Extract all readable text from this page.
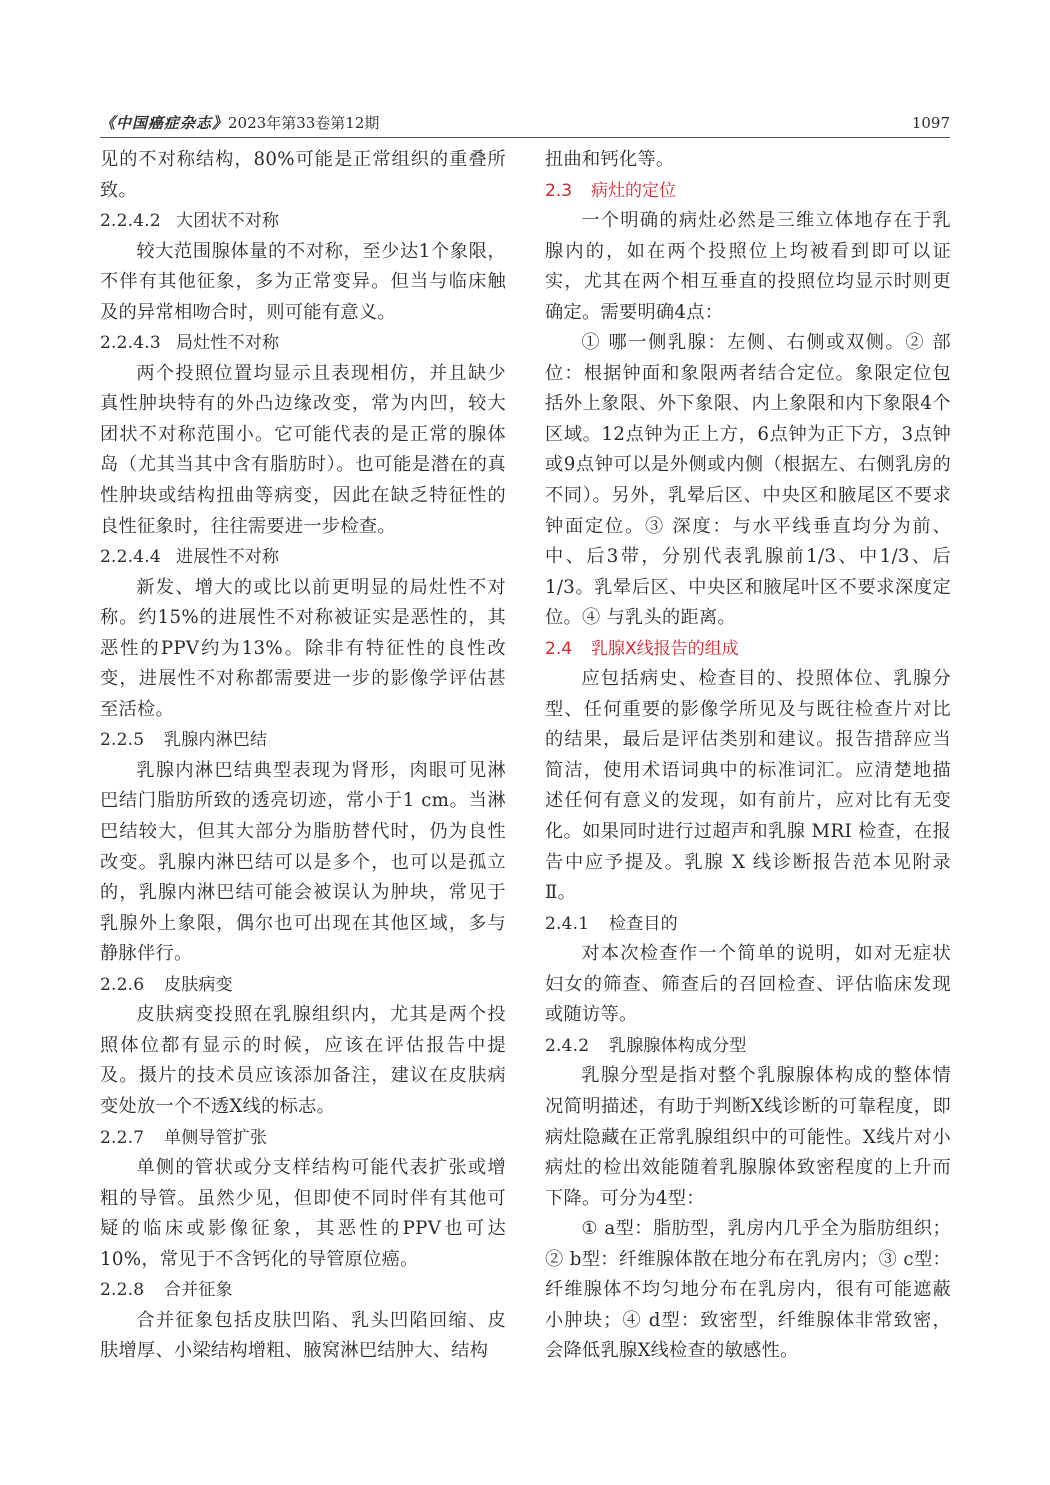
《中国癌症杂志》2023年第33卷第12期	1097

见的不对称结构，80%可能是正常组织的重叠所致。

2.2.4.2 大团状不对称

较大范围腺体量的不对称，至少达1个象限，不伴有其他征象，多为正常变异。但当与临床触及的异常相吻合时，则可能有意义。

2.2.4.3 局灶性不对称

两个投照位置均显示且表现相仿，并且缺少真性肿块特有的外凸边缘改变，常为内凹，较大团状不对称范围小。它可能代表的是正常的腺体岛（尤其当其中含有脂肪时）。也可能是潜在的真性肿块或结构扭曲等病变，因此在缺乏特征性的良性征象时，往往需要进一步检查。

2.2.4.4 进展性不对称

新发、增大的或比以前更明显的局灶性不对称。约15%的进展性不对称被证实是恶性的，其恶性的PPV约为13%。除非有特征性的良性改变，进展性不对称都需要进一步的影像学评估甚至活检。

2.2.5 乳腺内淋巴结

乳腺内淋巴结典型表现为肾形，肉眼可见淋巴结门脂肪所致的透亮切迹，常小于1 cm。当淋巴结较大，但其大部分为脂肪替代时，仍为良性改变。乳腺内淋巴结可以是多个，也可以是孤立的，乳腺内淋巴结可能会被误认为肿块，常见于乳腺外上象限，偶尔也可出现在其他区域，多与静脉伴行。

2.2.6 皮肤病变

皮肤病变投照在乳腺组织内，尤其是两个投照体位都有显示的时候，应该在评估报告中提及。摄片的技术员应该添加备注，建议在皮肤病变处放一个不透X线的标志。

2.2.7 单侧导管扩张

单侧的管状或分支样结构可能代表扩张或增粗的导管。虽然少见，但即使不同时伴有其他可疑的临床或影像征象，其恶性的PPV也可达10%，常见于不含钙化的导管原位癌。

2.2.8 合并征象

合并征象包括皮肤凹陷、乳头凹陷回缩、皮肤增厚、小梁结构增粗、腋窝淋巴结肿大、结构

扭曲和钙化等。

2.3 病灶的定位

一个明确的病灶必然是三维立体地存在于乳腺内的，如在两个投照位上均被看到即可以证实，尤其在两个相互垂直的投照位均显示时则更确定。需要明确4点：

① 哪一侧乳腺：左侧、右侧或双侧。② 部位：根据钟面和象限两者结合定位。象限定位包括外上象限、外下象限、内上象限和内下象限4个区域。12点钟为正上方，6点钟为正下方，3点钟或9点钟可以是外侧或内侧（根据左、右侧乳房的不同）。另外，乳晕后区、中央区和腋尾区不要求钟面定位。③ 深度：与水平线垂直均分为前、中、后3带，分别代表乳腺前1/3、中1/3、后1/3。乳晕后区、中央区和腋尾叶区不要求深度定位。④ 与乳头的距离。

2.4 乳腺X线报告的组成

应包括病史、检查目的、投照体位、乳腺分型、任何重要的影像学所见及与既往检查片对比的结果，最后是评估类别和建议。报告措辞应当简洁，使用术语词典中的标准词汇。应清楚地描述任何有意义的发现，如有前片，应对比有无变化。如果同时进行过超声和乳腺 MRI 检查，在报告中应予提及。乳腺 X 线诊断报告范本见附录Ⅱ。

2.4.1 检查目的

对本次检查作一个简单的说明，如对无症状妇女的筛查、筛查后的召回检查、评估临床发现或随访等。

2.4.2 乳腺腺体构成分型

乳腺分型是指对整个乳腺腺体构成的整体情况简明描述，有助于判断X线诊断的可靠程度，即病灶隐藏在正常乳腺组织中的可能性。X线片对小病灶的检出效能随着乳腺腺体致密程度的上升而下降。可分为4型：

① a型：脂肪型，乳房内几乎全为脂肪组织；② b型：纤维腺体散在地分布在乳房内；③ c型：纤维腺体不均匀地分布在乳房内，很有可能遮蔽小肿块；④ d型：致密型，纤维腺体非常致密，会降低乳腺X线检查的敏感性。
